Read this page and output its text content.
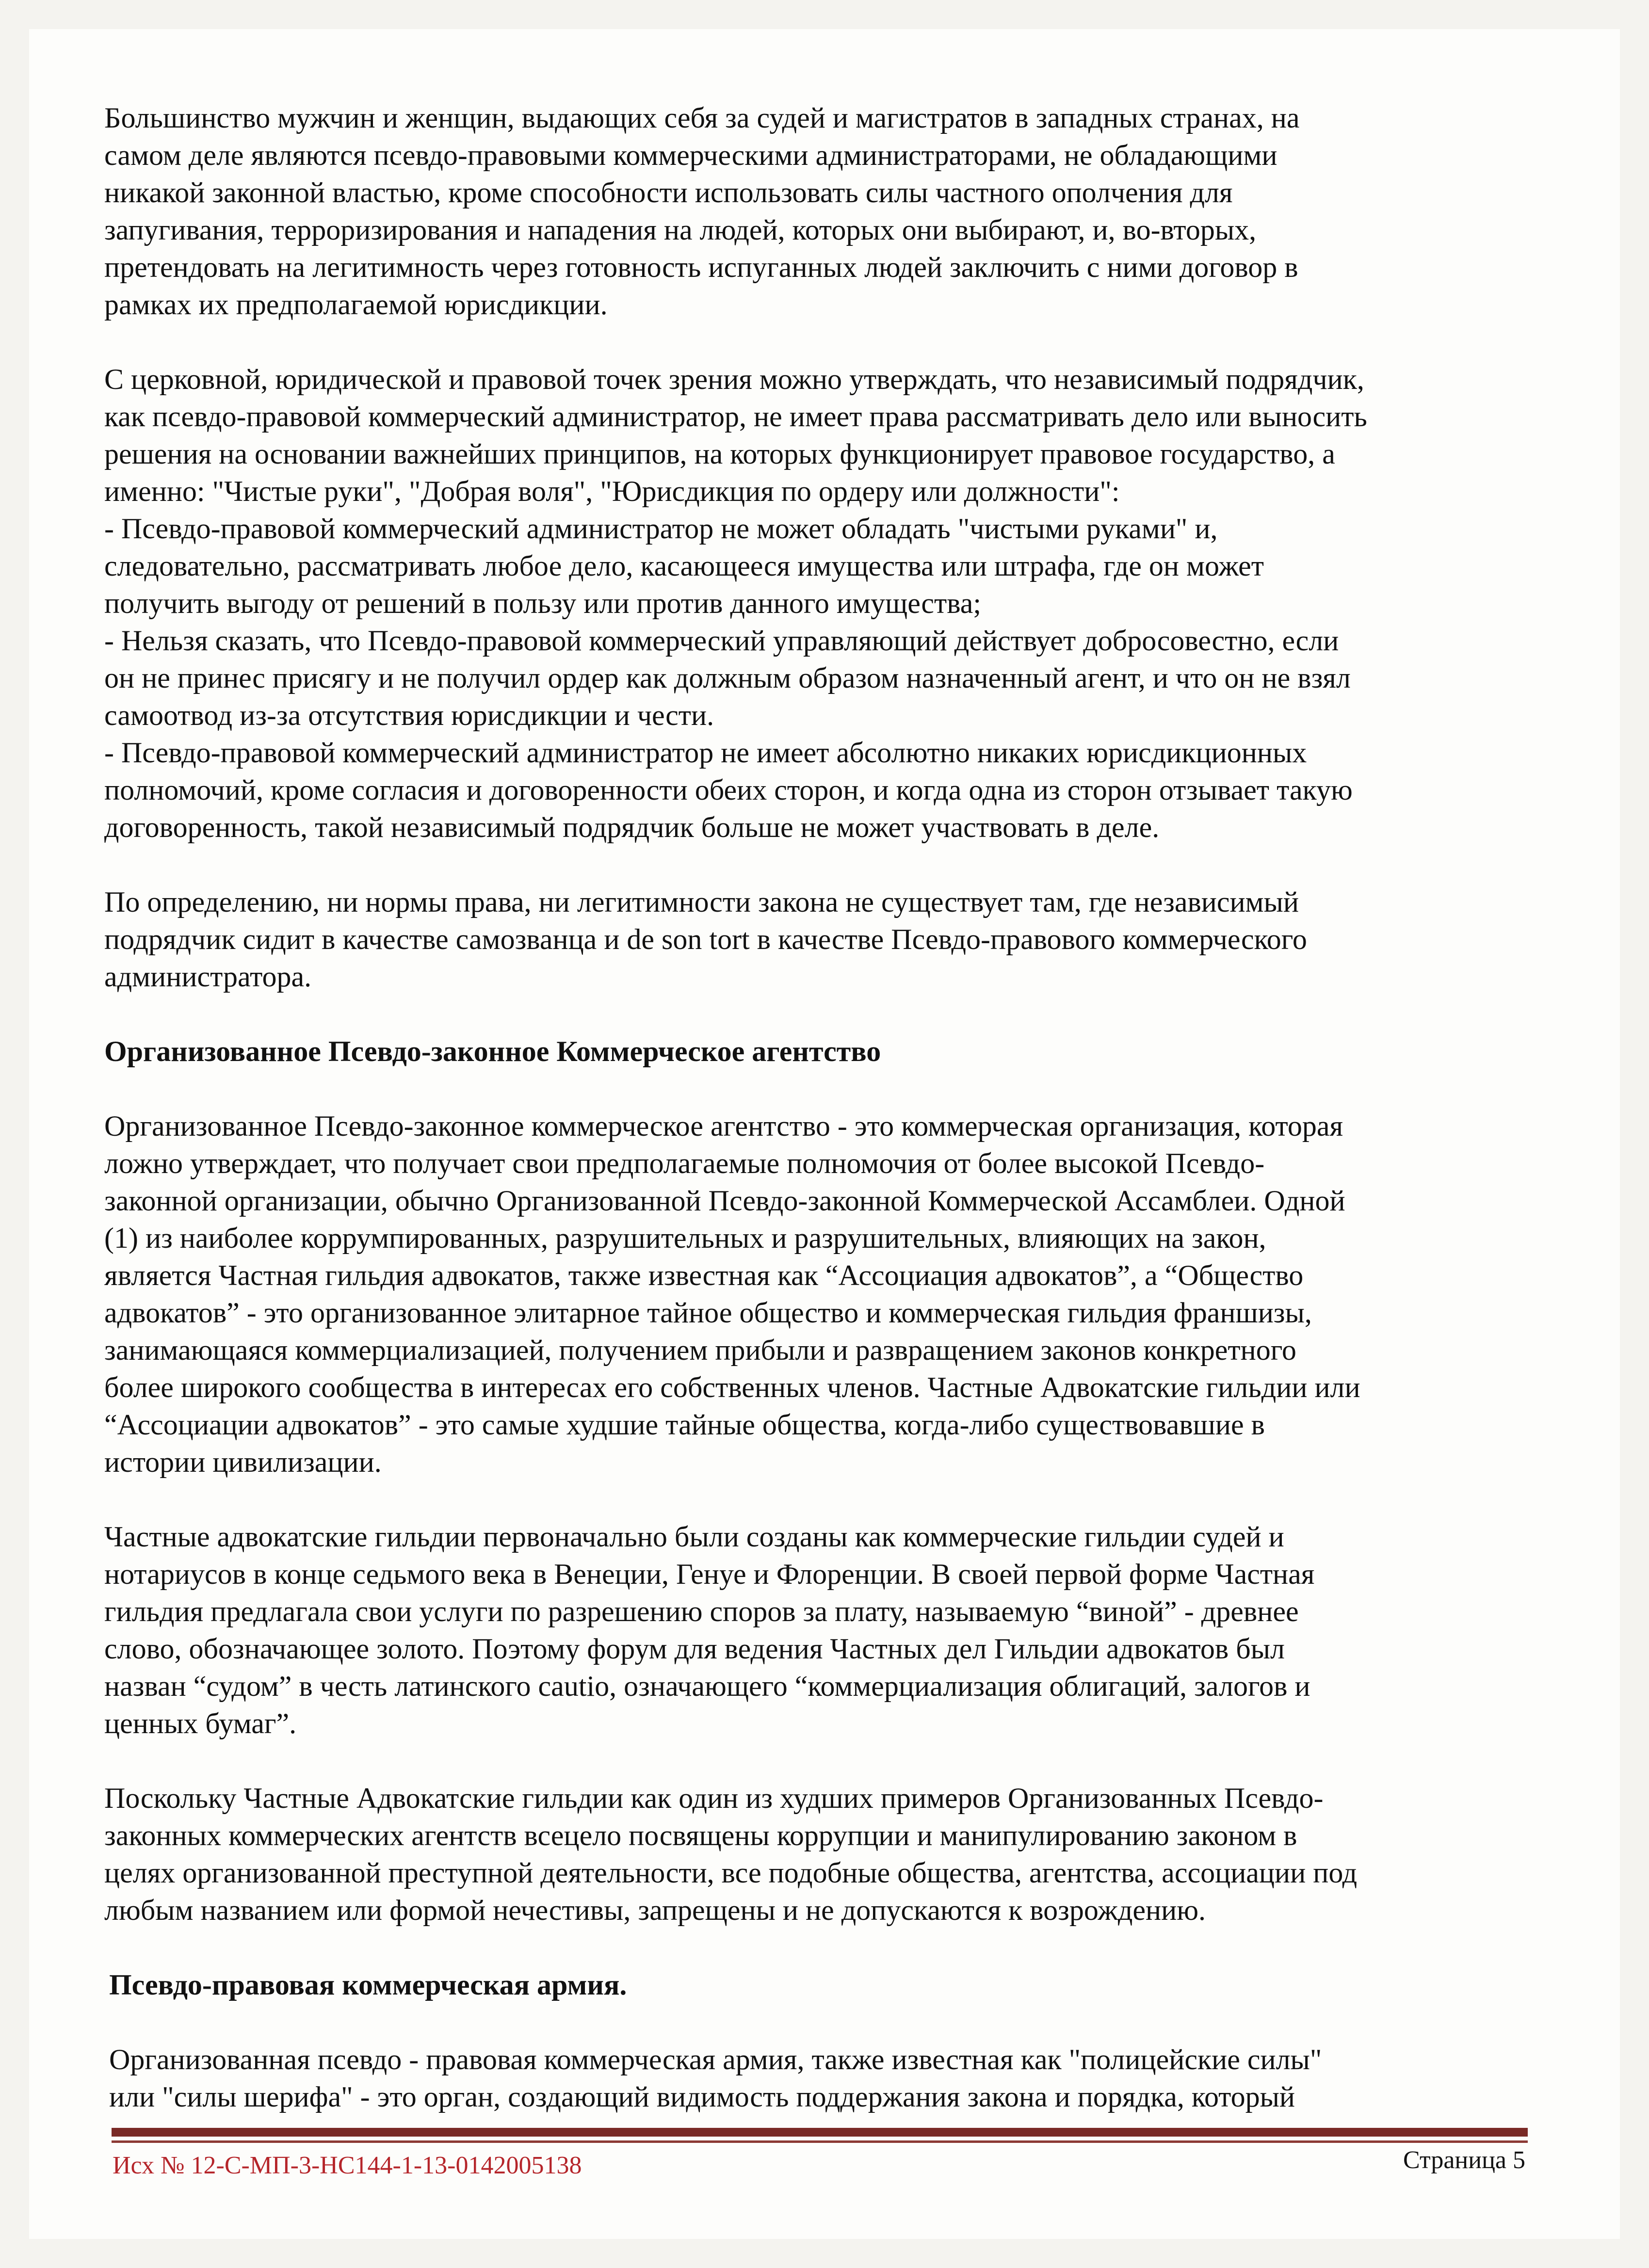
Большинство мужчин и женщин, выдающих себя за судей и магистратов в западных странах, на
самом деле являются псевдо-правовыми коммерческими администраторами, не обладающими
никакой законной властью, кроме способности использовать силы частного ополчения для
запугивания, терроризирования и нападения на людей, которых они выбирают, и, во-вторых,
претендовать на легитимность через готовность испуганных людей заключить с ними договор в
рамках их предполагаемой юрисдикции.
С церковной, юридической и правовой точек зрения можно утверждать, что независимый подрядчик,
как псевдо-правовой коммерческий администратор, не имеет права рассматривать дело или выносить
решения на основании важнейших принципов, на которых функционирует правовое государство, а
именно: "Чистые руки", "Добрая воля", "Юрисдикция по ордеру или должности":
- Псевдо-правовой коммерческий администратор не может обладать "чистыми руками" и,
следовательно, рассматривать любое дело, касающееся имущества или штрафа, где он может
получить выгоду от решений в пользу или против данного имущества;
- Нельзя сказать, что Псевдо-правовой коммерческий управляющий действует добросовестно, если
он не принес присягу и не получил ордер как должным образом назначенный агент, и что он не взял
самоотвод из-за отсутствия юрисдикции и чести.
- Псевдо-правовой коммерческий администратор не имеет абсолютно никаких юрисдикционных
полномочий, кроме согласия и договоренности обеих сторон, и когда одна из сторон отзывает такую
договоренность, такой независимый подрядчик больше не может участвовать в деле.
По определению, ни нормы права, ни легитимности закона не существует там, где независимый
подрядчик сидит в качестве самозванца и de son tort в качестве Псевдо-правового коммерческого
администратора.
Организованное Псевдо-законное Коммерческое агентство
Организованное Псевдо-законное коммерческое агентство - это коммерческая организация, которая
ложно утверждает, что получает свои предполагаемые полномочия от более высокой Псевдо-
законной организации, обычно Организованной Псевдо-законной Коммерческой Ассамблеи. Одной
(1) из наиболее коррумпированных, разрушительных и разрушительных, влияющих на закон,
является Частная гильдия адвокатов, также известная как “Ассоциация адвокатов”, а “Общество
адвокатов” - это организованное элитарное тайное общество и коммерческая гильдия франшизы,
занимающаяся коммерциализацией, получением прибыли и развращением законов конкретного
более широкого сообщества в интересах его собственных членов. Частные Адвокатские гильдии или
“Ассоциации адвокатов” - это самые худшие тайные общества, когда-либо существовавшие в
истории цивилизации.
Частные адвокатские гильдии первоначально были созданы как коммерческие гильдии судей и
нотариусов в конце седьмого века в Венеции, Генуе и Флоренции. В своей первой форме Частная
гильдия предлагала свои услуги по разрешению споров за плату, называемую “виной” - древнее
слово, обозначающее золото. Поэтому форум для ведения Частных дел Гильдии адвокатов был
назван “судом” в честь латинского cautio, означающего “коммерциализация облигаций, залогов и
ценных бумаг”.
Поскольку Частные Адвокатские гильдии как один из худших примеров Организованных Псевдо-
законных коммерческих агентств всецело посвящены коррупции и манипулированию законом в
целях организованной преступной деятельности, все подобные общества, агентства, ассоциации под
любым названием или формой нечестивы, запрещены и не допускаются к возрождению.
Псевдо-правовая коммерческая армия.
Организованная псевдо - правовая коммерческая армия, также известная как "полицейские силы"
или "силы шерифа" - это орган, создающий видимость поддержания закона и порядка, который
Исх № 12-С-МП-3-НС144-1-13-0142005138	Страница 5
